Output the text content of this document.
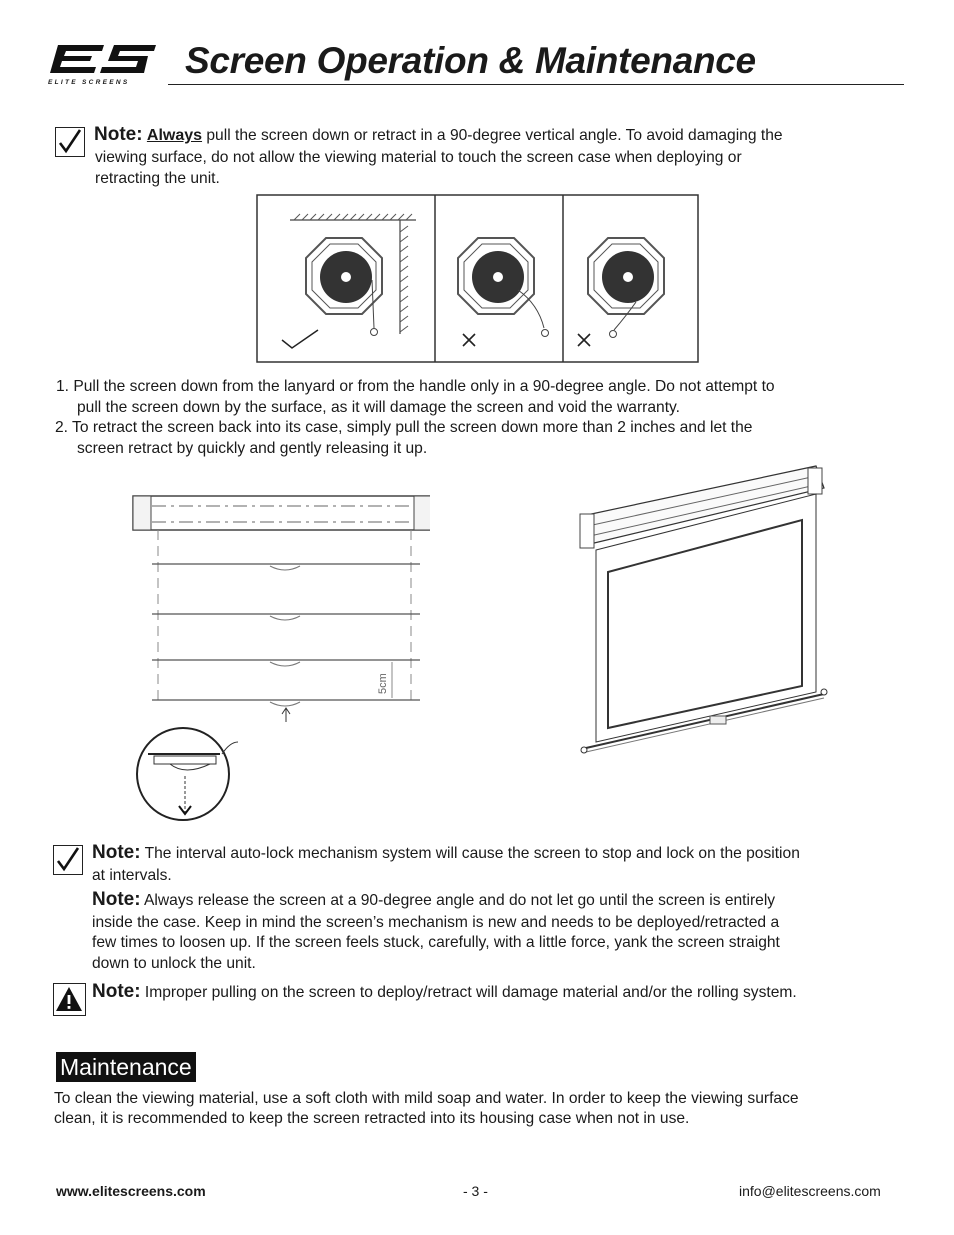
ELITE SCREENS
Screen Operation & Maintenance
Note: Always pull the screen down or retract in a 90-degree vertical angle. To avoid damaging the
viewing surface, do not allow the viewing material to touch the screen case when deploying or
retracting the unit.
1. Pull the screen down from the lanyard or from the handle only in a 90-degree angle. Do not attempt to
pull the screen down by the surface, as it will damage the screen and void the warranty.
2. To retract the screen back into its case, simply pull the screen down more than 2 inches and let the
screen retract by quickly and gently releasing it up.
5cm
Note: The interval auto-lock mechanism system will cause the screen to stop and lock on the position
at intervals.
Note: Always release the screen at a 90-degree angle and do not let go until the screen is entirely
inside the case. Keep in mind the screen’s mechanism is new and needs to be deployed/retracted a
few times to loosen up. If the screen feels stuck, carefully, with a little force, yank the screen straight
down to unlock the unit.
Note: Improper pulling on the screen to deploy/retract will damage material and/or the rolling system.
Maintenance
To clean the viewing material, use a soft cloth with mild soap and water. In order to keep the viewing surface
clean, it is recommended to keep the screen retracted into its housing case when not in use.
www.elitescreens.com	- 3 -	info@elitescreens.com
